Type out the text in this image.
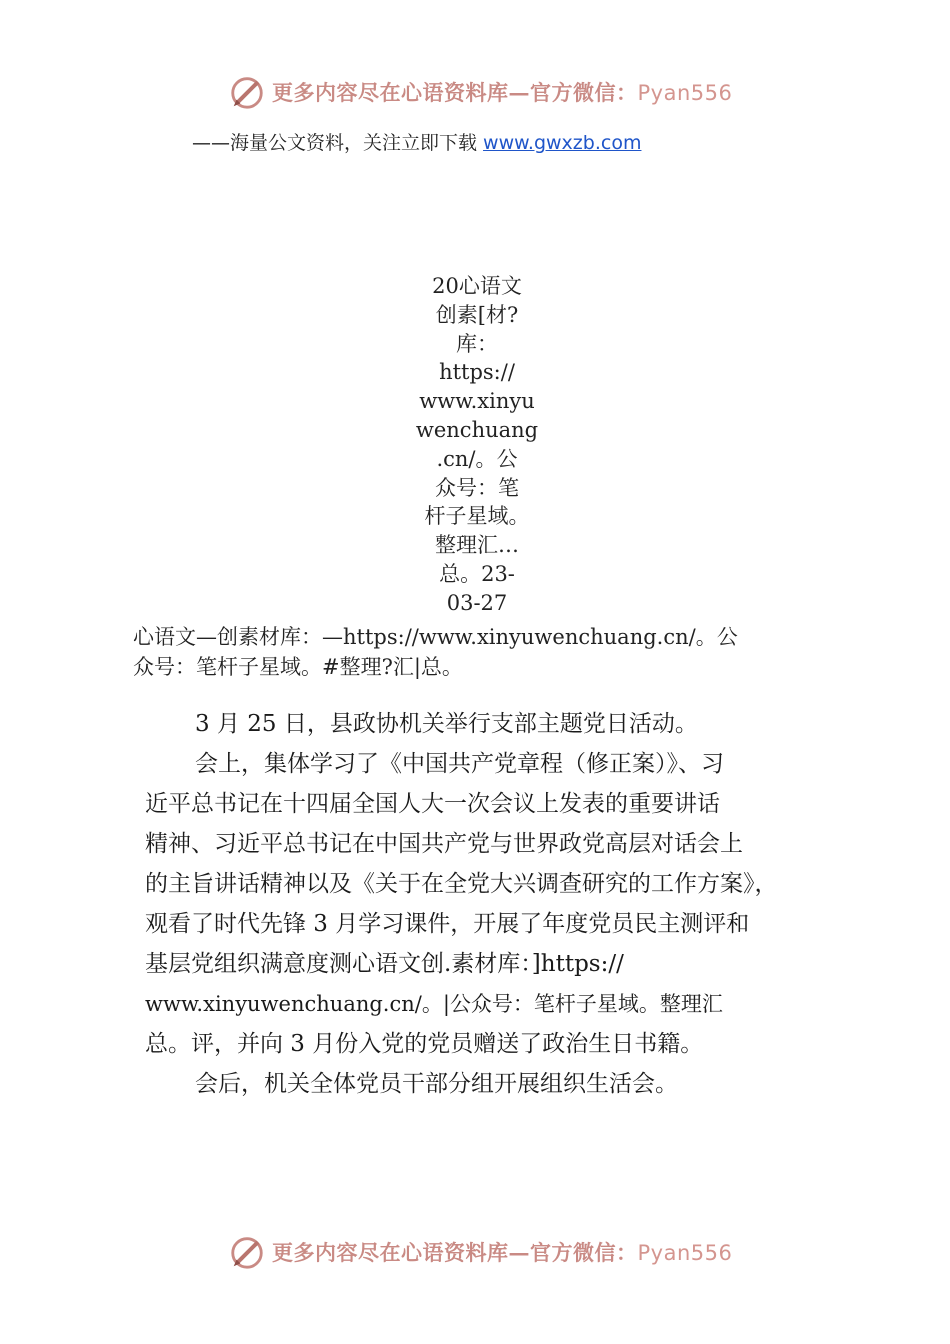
更多内容尽在心语资料库—官方微信：Pyan556
——海量公文资料，关注立即下载 www.gwxzb.com
20心语文
创素[材?
库：
https://
www.xinyu
wenchuang
.cn/。公
众号：笔
杆子星域。
整理汇…
总。23-
03-27
心语文—创素材库：—https://www.xinyuwenchuang.cn/。公
众号：笔杆子星域。#整理?汇|总。
3 月 25 日，县政协机关举行支部主题党日活动。
会上，集体学习了《中国共产党章程（修正案）》、习
近平总书记在十四届全国人大一次会议上发表的重要讲话
精神、习近平总书记在中国共产党与世界政党高层对话会上
的主旨讲话精神以及《关于在全党大兴调查研究的工作方案》，
观看了时代先锋 3 月学习课件，开展了年度党员民主测评和
基层党组织满意度测心语文创.素材库：]https://
www.xinyuwenchuang.cn/。|公众号：笔杆子星域。整理汇
总。评，并向 3 月份入党的党员赠送了政治生日书籍。
会后，机关全体党员干部分组开展组织生活会。
更多内容尽在心语资料库—官方微信：Pyan556
